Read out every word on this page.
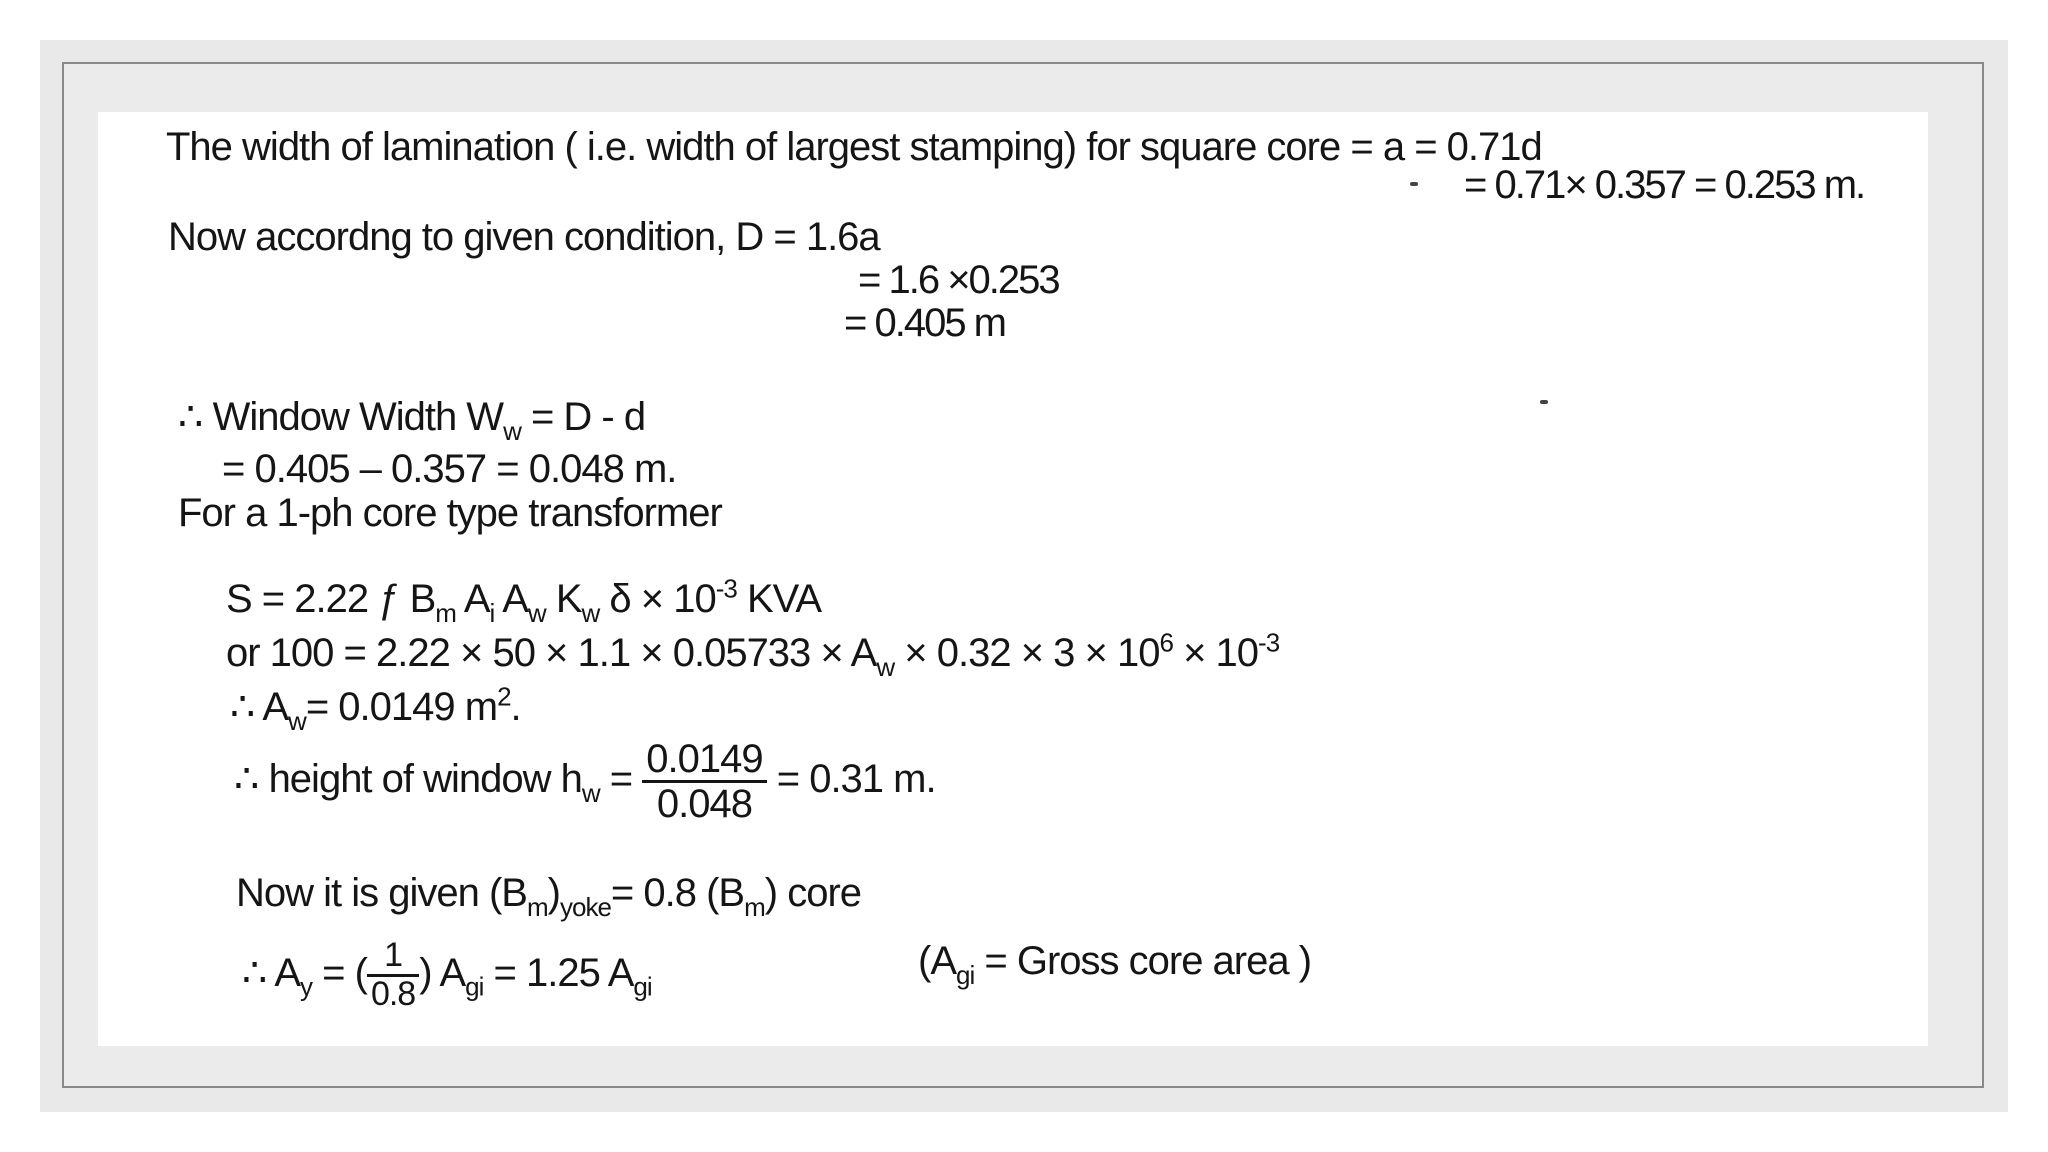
The width of lamination ( i.e. width of largest stamping) for square core = a = 0.71d
= 0.71× 0.357 = 0.253 m.
Now accordng to given condition, D = 1.6a
= 1.6 ×0.253
= 0.405 m
∴ Window Width $W_w = D - d$
= 0.405 – 0.357 = 0.048 m.
For a 1-ph core type transformer
S = 2.22 ƒ $B_m$ $A_i$ $A_w$ $K_w$ $\delta \times 10^{-3}$ KVA
or $100 = 2.22 \times 50 \times 1.1 \times 0.05733 \times A_w \times 0.32 \times 3 \times 10^6 \times 10^{-3}$
∴ $A_w= 0.0149$ $m^2$.
∴ height of window $h_w = \frac{0.0149}{0.048} = 0.31$ m.
Now it is given $(B_m)_{yoke}= 0.8$ $(B_m)$ core
∴ $A_y$ = ( $\frac{1}{0.8}$ ) $A_{gi} = 1.25$ $A_{gi}$
($A_{gi}$ = Gross core area )
